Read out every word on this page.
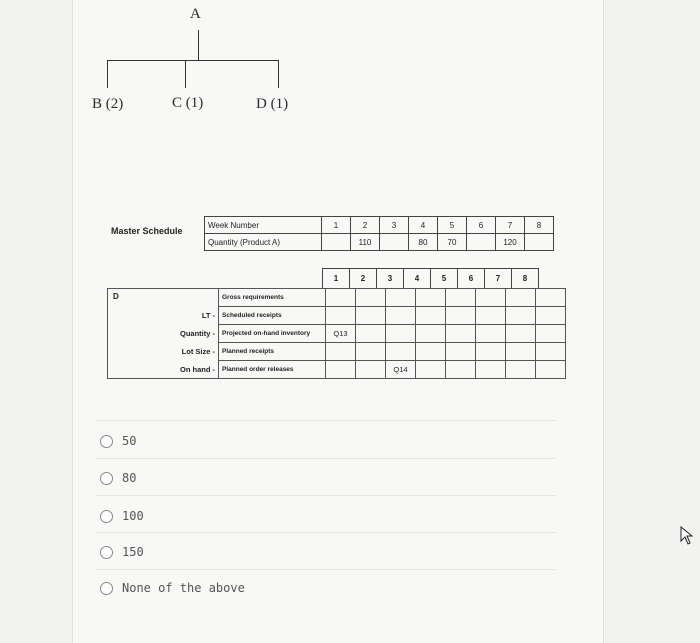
A
B (2)	C (1)	D (1)
Master Schedule
Week Number	1	2	3	4	5	6	7	8
Quantity (Product A)		110		80	70		120	
1	2	3	4	5	6	7	8
	Gross requirements								
LT -	Scheduled receipts								
Quantity -	Projected on-hand inventory	Q13							
Lot Size -	Planned receipts								
On hand -	Planned order releases			Q14					
D
50
80
100
150
None of the above
